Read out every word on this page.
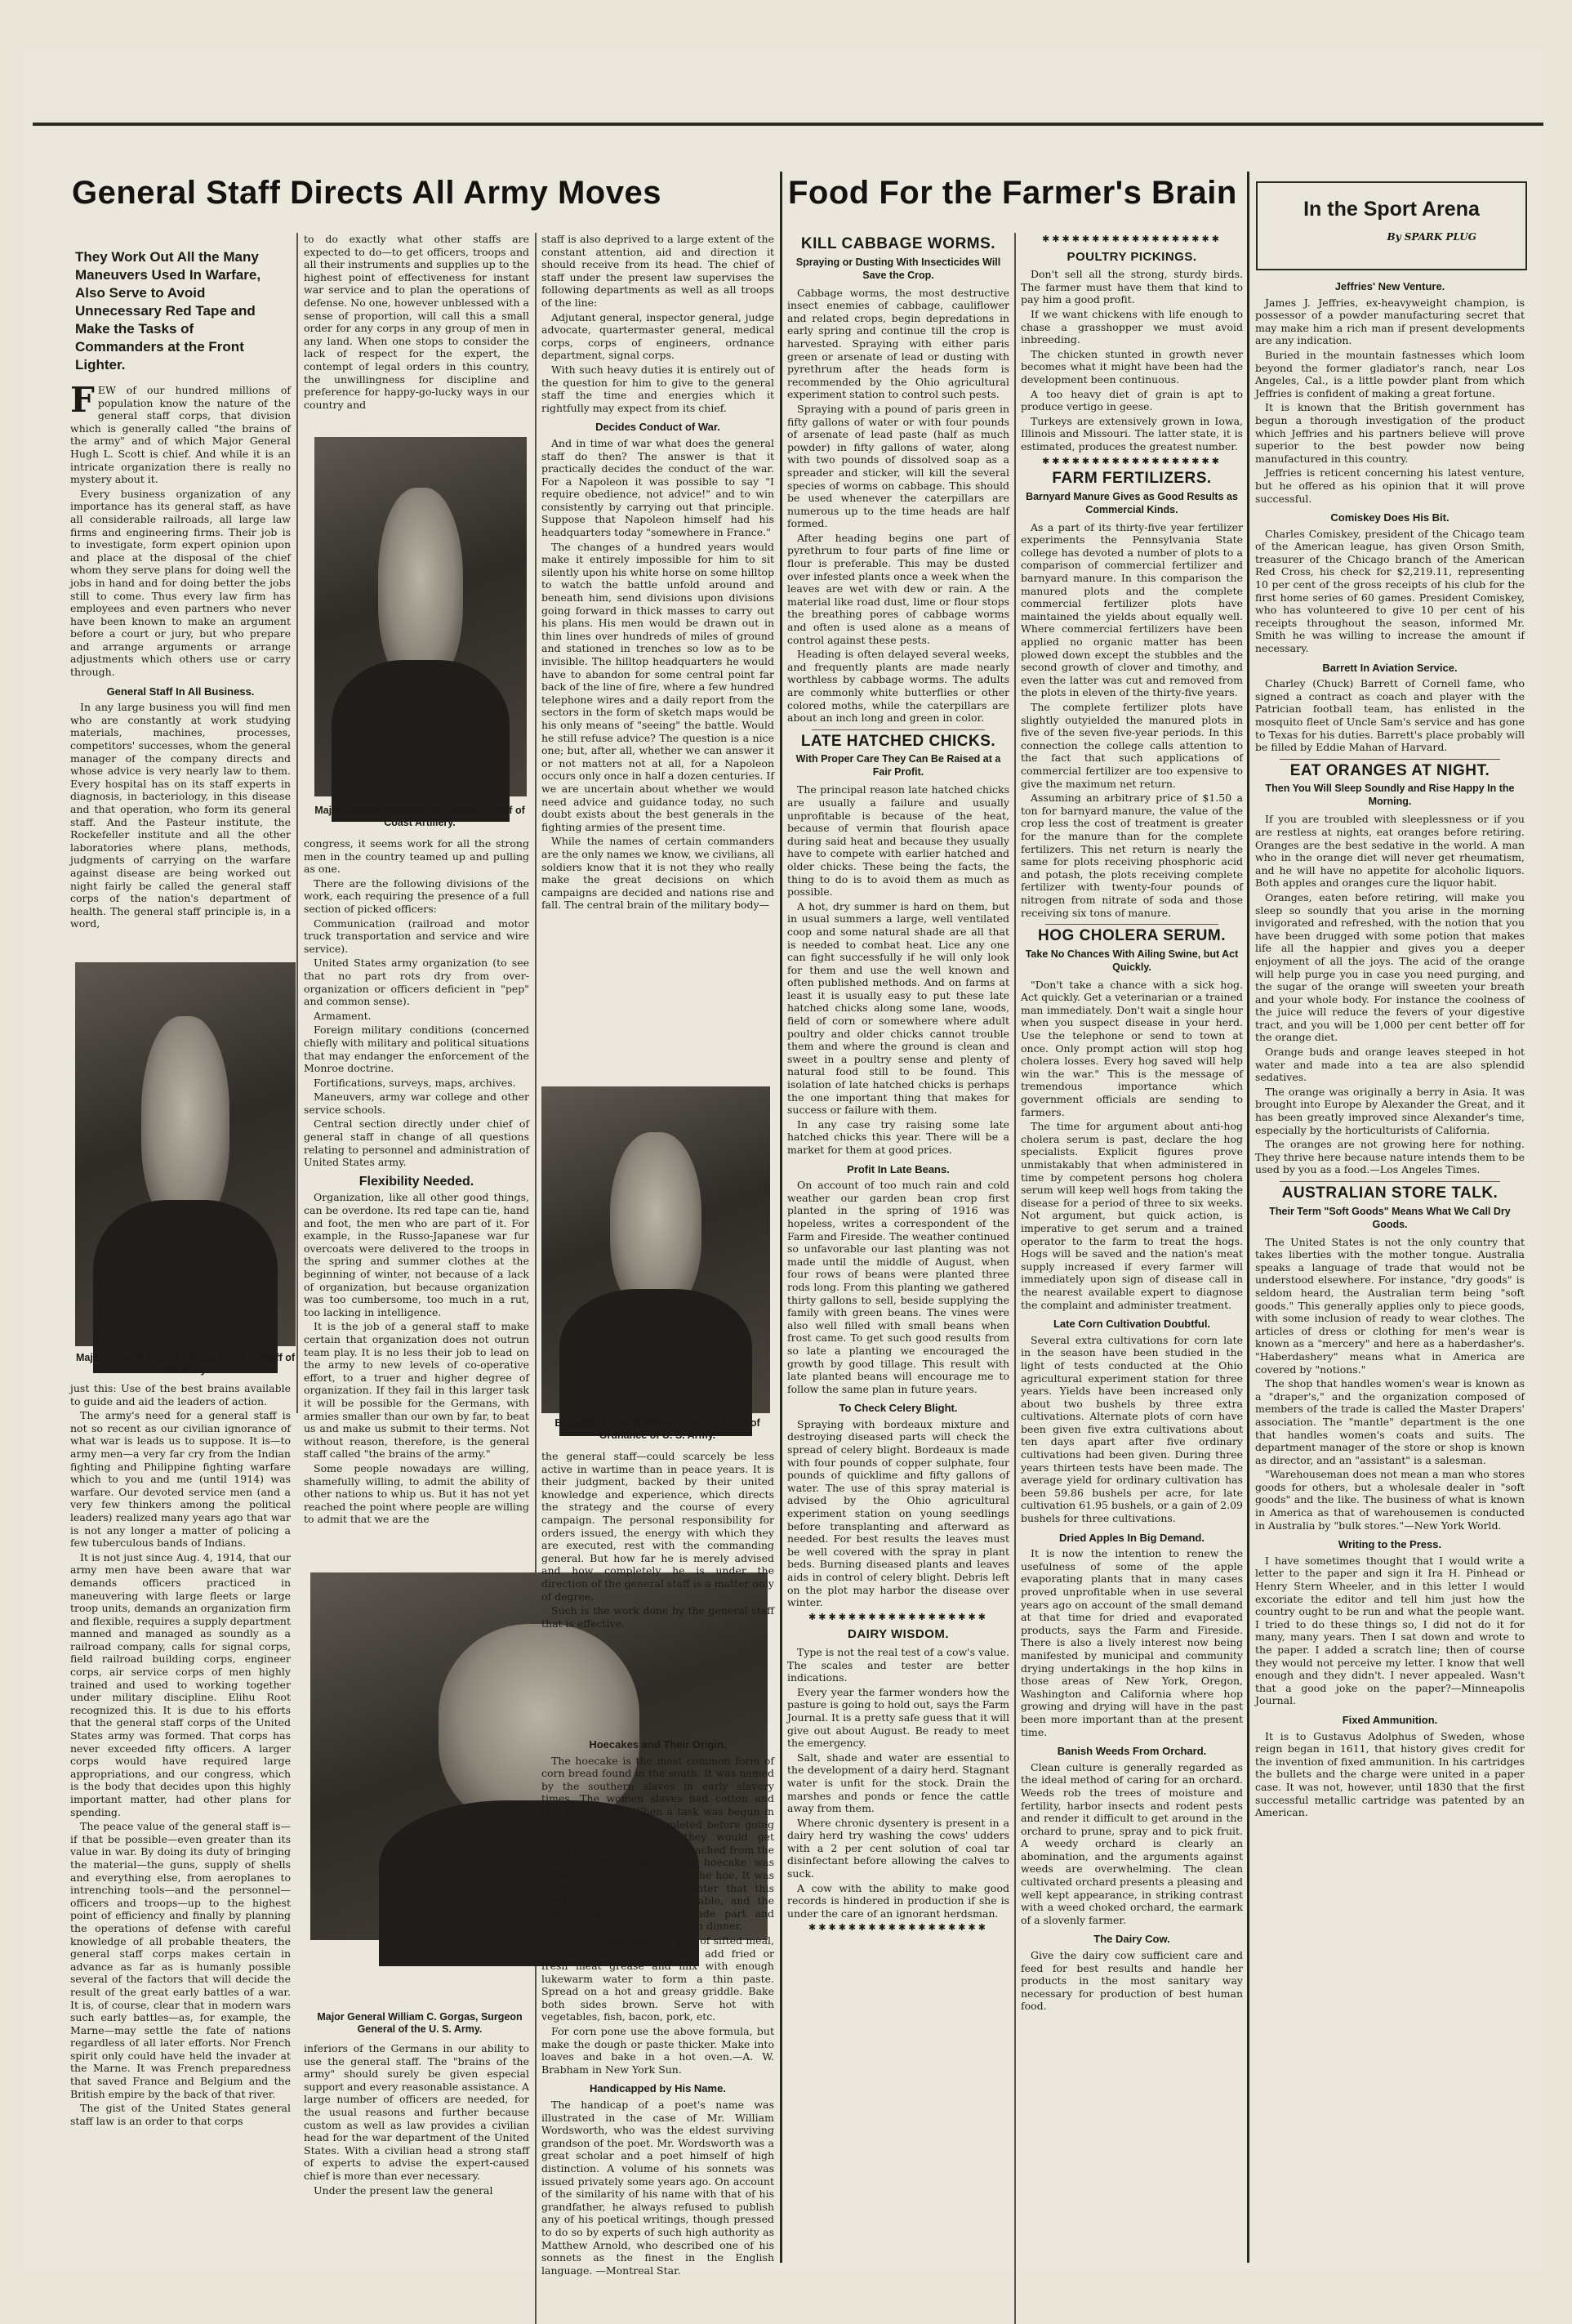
General Staff Directs All Army Moves	Food For the Farmer's Brain	In the Sport Arena
By SPARK PLUG
They Work Out All the Many Maneuvers Used In Warfare, Also Serve to Avoid Unnecessary Red Tape and Make the Tasks of Commanders at the Front Lighter.

FEW of our hundred millions of population know the nature of the general staff corps, that division which is generally called "the brains of the army" and of which Major General Hugh L. Scott is chief. And while it is an intricate organization there is really no mystery about it.

Every business organization of any importance has its general staff, as have all considerable railroads, all large law firms and engineering firms. Their job is to investigate, form expert opinion upon and place at the disposal of the chief whom they serve plans for doing well the jobs in hand and for doing better the jobs still to come. Thus every law firm has employees and even partners who never have been known to make an argument before a court or jury, but who prepare and arrange arguments or arrange adjustments which others use or carry through.

General Staff In All Business.

In any large business you will find men who are constantly at work studying materials, machines, processes, competitors' successes, whom the general manager of the company directs and whose advice is very nearly law to them. Every hospital has on its staff experts in diagnosis, in bacteriology, in this disease and that operation, who form its general staff. And the Pasteur institute, the Rockefeller institute and all the other laboratories where plans, methods, judgments of carrying on the warfare against disease are being worked out night fairly be called the general staff corps of the nation's department of health. The general staff principle is, in a word,

Major General Hugh L. Scott, Chief of Staff of the Army.

just this: Use of the best brains available to guide and aid the leaders of action.

The army's need for a general staff is not so recent as our civilian ignorance of what war is leads us to suppose. It is—to army men—a very far cry from the Indian fighting and Philippine fighting warfare which to you and me (until 1914) was warfare. Our devoted service men (and a very few thinkers among the political leaders) realized many years ago that war is not any longer a matter of policing a few tuberculous bands of Indians.

It is not just since Aug. 4, 1914, that our army men have been aware that war demands officers practiced in maneuvering with large fleets or large troop units, demands an organization firm and flexible, requires a supply department manned and managed as soundly as a railroad company, calls for signal corps, field railroad building corps, engineer corps, air service corps of men highly trained and used to working together under military discipline. Elihu Root recognized this. It is due to his efforts that the general staff corps of the United States army was formed. That corps has never exceeded fifty officers. A larger corps would have required large appropriations, and our congress, which is the body that decides upon this highly important matter, had other plans for spending.

The peace value of the general staff is—if that be possible—even greater than its value in war. By doing its duty of bringing the material—the guns, supply of shells and everything else, from aeroplanes to intrenching tools—and the personnel—officers and troops—up to the highest point of efficiency and finally by planning the operations of defense with careful knowledge of all probable theaters, the general staff corps makes certain in advance as far as is humanly possible several of the factors that will decide the result of the great early battles of a war. It is, of course, clear that in modern wars such early battles—as, for example, the Marne—may settle the fate of nations regardless of all later efforts. Nor French spirit only could have held the invader at the Marne. It was French preparedness that saved France and Belgium and the British empire by the back of that river.

The gist of the United States general staff law is an order to that corps

to do exactly what other staffs are expected to do—to get officers, troops and all their instruments and supplies up to the highest point of effectiveness for instant war service and to plan the operations of defense. No one, however unblessed with a sense of proportion, will call this a small order for any corps in any group of men in any land. When one stops to consider the lack of respect for the expert, the contempt of legal orders in this country, the unwillingness for discipline and preference for happy-go-lucky ways in our country and

Major General Erasmus M. Weaver, Chief of Coast Artillery.

congress, it seems work for all the strong men in the country teamed up and pulling as one.

There are the following divisions of the work, each requiring the presence of a full section of picked officers:

Communication (railroad and motor truck transportation and service and wire service).

United States army organization (to see that no part rots dry from over-organization or officers deficient in "pep" and common sense).

Armament.

Foreign military conditions (concerned chiefly with military and political situations that may endanger the enforcement of the Monroe doctrine.

Fortifications, surveys, maps, archives.

Maneuvers, army war college and other service schools.

Central section directly under chief of general staff in change of all questions relating to personnel and administration of United States army.

Flexibility Needed.

Organization, like all other good things, can be overdone. Its red tape can tie, hand and foot, the men who are part of it. For example, in the Russo-Japanese war fur overcoats were delivered to the troops in the spring and summer clothes at the beginning of winter, not because of a lack of organization, but because organization was too cumbersome, too much in a rut, too lacking in intelligence.

It is the job of a general staff to make certain that organization does not outrun team play. It is no less their job to lead on the army to new levels of co-operative effort, to a truer and higher degree of organization. If they fail in this larger task it will be possible for the Germans, with armies smaller than our own by far, to beat us and make us submit to their terms. Not without reason, therefore, is the general staff called "the brains of the army."

Some people nowadays are willing, shamefully willing, to admit the ability of other nations to whip us. But it has not yet reached the point where people are willing to admit that we are the

Major General William C. Gorgas, Surgeon General of the U. S. Army.

inferiors of the Germans in our ability to use the general staff. The "brains of the army" should surely be given especial support and every reasonable assistance. A large number of officers are needed, for the usual reasons and further because custom as well as law provides a civilian head for the war department of the United States. With a civilian head a strong staff of experts to advise the expert-caused chief is more than ever necessary.

Under the present law the general

staff is also deprived to a large extent of the constant attention, aid and direction it should receive from its head. The chief of staff under the present law supervises the following departments as well as all troops of the line:

Adjutant general, inspector general, judge advocate, quartermaster general, medical corps, corps of engineers, ordnance department, signal corps.

With such heavy duties it is entirely out of the question for him to give to the general staff the time and energies which it rightfully may expect from its chief.

Decides Conduct of War.

And in time of war what does the general staff do then? The answer is that it practically decides the conduct of the war. For a Napoleon it was possible to say "I require obedience, not advice!" and to win consistently by carrying out that principle. Suppose that Napoleon himself had his headquarters today "somewhere in France."

The changes of a hundred years would make it entirely impossible for him to sit silently upon his white horse on some hilltop to watch the battle unfold around and beneath him, send divisions upon divisions going forward in thick masses to carry out his plans. His men would be drawn out in thin lines over hundreds of miles of ground and stationed in trenches so low as to be invisible. The hilltop headquarters he would have to abandon for some central point far back of the line of fire, where a few hundred telephone wires and a daily report from the sectors in the form of sketch maps would be his only means of "seeing" the battle. Would he still refuse advice? The question is a nice one; but, after all, whether we can answer it or not matters not at all, for a Napoleon occurs only once in half a dozen centuries. If we are uncertain about whether we would need advice and guidance today, no such doubt exists about the best generals in the fighting armies of the present time.

While the names of certain commanders are the only names we know, we civilians, all soldiers know that it is not they who really make the great decisions on which campaigns are decided and nations rise and fall. The central brain of the military body—

Brigadier General William Crozier, Chief of Ordnance of U. S. Army.

the general staff—could scarcely be less active in wartime than in peace years. It is their judgment, backed by their united knowledge and experience, which directs the strategy and the course of every campaign. The personal responsibility for orders issued, the energy with which they are executed, rest with the commanding general. But how far he is merely advised and how completely he is under the direction of the general staff is a matter only of degree.

Such is the work done by the general staff that is effective.

Hoecakes and Their Origin.

The hoecake is the most common form of corn bread found in the south. It was named by the southern slaves in early slavery times. The women slaves had cotton and rice by the task. When a task was begun in the morning it was completed before going back home. Sometimes they would get hungry; then the hoe was detached from the helve, a fire started and a hoecake was cooked then and there upon the hoe. It was thus discovered by the planter that this meal cooked this was palatable, and the hoecake was henceforth made part and parcel of a complete plantation dinner.

For a hoecake take one pint of sifted meal, one-half teaspoonful of salt; add fried or fresh meat grease and mix with enough lukewarm water to form a thin paste. Spread on a hot and greasy griddle. Bake both sides brown. Serve hot with vegetables, fish, bacon, pork, etc.

For corn pone use the above formula, but make the dough or paste thicker. Make into loaves and bake in a hot oven.—A. W. Brabham in New York Sun.

Handicapped by His Name.

The handicap of a poet's name was illustrated in the case of Mr. William Wordsworth, who was the eldest surviving grandson of the poet. Mr. Wordsworth was a great scholar and a poet himself of high distinction. A volume of his sonnets was issued privately some years ago. On account of the similarity of his name with that of his grandfather, he always refused to publish any of his poetical writings, though pressed to do so by experts of such high authority as Matthew Arnold, who described one of his sonnets as the finest in the English language. —Montreal Star.

KILL CABBAGE WORMS.
Spraying or Dusting With Insecticides Will Save the Crop.

Cabbage worms, the most destructive insect enemies of cabbage, cauliflower and related crops, begin depredations in early spring and continue till the crop is harvested. Spraying with either paris green or arsenate of lead or dusting with pyrethrum after the heads form is recommended by the Ohio agricultural experiment station to control such pests.

Spraying with a pound of paris green in fifty gallons of water or with four pounds of arsenate of lead paste (half as much powder) in fifty gallons of water, along with two pounds of dissolved soap as a spreader and sticker, will kill the several species of worms on cabbage. This should be used whenever the caterpillars are numerous up to the time heads are half formed.

After heading begins one part of pyrethrum to four parts of fine lime or flour is preferable. This may be dusted over infested plants once a week when the leaves are wet with dew or rain. A the material like road dust, lime or flour stops the breathing pores of cabbage worms and often is used alone as a means of control against these pests.

Heading is often delayed several weeks, and frequently plants are made nearly worthless by cabbage worms. The adults are commonly white butterflies or other colored moths, while the caterpillars are about an inch long and green in color.

LATE HATCHED CHICKS.
With Proper Care They Can Be Raised at a Fair Profit.

The principal reason late hatched chicks are usually a failure and usually unprofitable is because of the heat, because of vermin that flourish apace during said heat and because they usually have to compete with earlier hatched and older chicks. These being the facts, the thing to do is to avoid them as much as possible.

A hot, dry summer is hard on them, but in usual summers a large, well ventilated coop and some natural shade are all that is needed to combat heat. Lice any one can fight successfully if he will only look for them and use the well known and often published methods. And on farms at least it is usually easy to put these late hatched chicks along some lane, woods, field of corn or somewhere where adult poultry and older chicks cannot trouble them and where the ground is clean and sweet in a poultry sense and plenty of natural food still to be found. This isolation of late hatched chicks is perhaps the one important thing that makes for success or failure with them.

In any case try raising some late hatched chicks this year. There will be a market for them at good prices.

Profit In Late Beans.

On account of too much rain and cold weather our garden bean crop first planted in the spring of 1916 was hopeless, writes a correspondent of the Farm and Fireside. The weather continued so unfavorable our last planting was not made until the middle of August, when four rows of beans were planted three rods long. From this planting we gathered thirty gallons to sell, beside supplying the family with green beans. The vines were also well filled with small beans when frost came. To get such good results from so late a planting we encouraged the growth by good tillage. This result with late planted beans will encourage me to follow the same plan in future years.

To Check Celery Blight.

Spraying with bordeaux mixture and destroying diseased parts will check the spread of celery blight. Bordeaux is made with four pounds of copper sulphate, four pounds of quicklime and fifty gallons of water. The use of this spray material is advised by the Ohio agricultural experiment station on young seedlings before transplanting and afterward as needed. For best results the leaves must be well covered with the spray in plant beds. Burning diseased plants and leaves aids in control of celery blight. Debris left on the plot may harbor the disease over winter.

✱✱✱✱✱✱✱✱✱✱✱✱✱✱✱✱✱✱
DAIRY WISDOM.

Type is not the real test of a cow's value. The scales and tester are better indications.

Every year the farmer wonders how the pasture is going to hold out, says the Farm Journal. It is a pretty safe guess that it will give out about August. Be ready to meet the emergency.

Salt, shade and water are essential to the development of a dairy herd. Stagnant water is unfit for the stock. Drain the marshes and ponds or fence the cattle away from them.

Where chronic dysentery is present in a dairy herd try washing the cows' udders with a 2 per cent solution of coal tar disinfectant before allowing the calves to suck.

A cow with the ability to make good records is hindered in production if she is under the care of an ignorant herdsman.

✱✱✱✱✱✱✱✱✱✱✱✱✱✱✱✱✱✱
✱✱✱✱✱✱✱✱✱✱✱✱✱✱✱✱✱✱
POULTRY PICKINGS.

Don't sell all the strong, sturdy birds. The farmer must have them that kind to pay him a good profit.

If we want chickens with life enough to chase a grasshopper we must avoid inbreeding.

The chicken stunted in growth never becomes what it might have been had the development been continuous.

A too heavy diet of grain is apt to produce vertigo in geese.

Turkeys are extensively grown in Iowa, Illinois and Missouri. The latter state, it is estimated, produces the greatest number.

✱✱✱✱✱✱✱✱✱✱✱✱✱✱✱✱✱✱
FARM FERTILIZERS.
Barnyard Manure Gives as Good Results as Commercial Kinds.

As a part of its thirty-five year fertilizer experiments the Pennsylvania State college has devoted a number of plots to a comparison of commercial fertilizer and barnyard manure. In this comparison the manured plots and the complete commercial fertilizer plots have maintained the yields about equally well. Where commercial fertilizers have been applied no organic matter has been plowed down except the stubbles and the second growth of clover and timothy, and even the latter was cut and removed from the plots in eleven of the thirty-five years.

The complete fertilizer plots have slightly outyielded the manured plots in five of the seven five-year periods. In this connection the college calls attention to the fact that such applications of commercial fertilizer are too expensive to give the maximum net return.

Assuming an arbitrary price of $1.50 a ton for barnyard manure, the value of the crop less the cost of treatment is greater for the manure than for the complete fertilizers. This net return is nearly the same for plots receiving phosphoric acid and potash, the plots receiving complete fertilizer with twenty-four pounds of nitrogen from nitrate of soda and those receiving six tons of manure.

HOG CHOLERA SERUM.
Take No Chances With Ailing Swine, but Act Quickly.

"Don't take a chance with a sick hog. Act quickly. Get a veterinarian or a trained man immediately. Don't wait a single hour when you suspect disease in your herd. Use the telephone or send to town at once. Only prompt action will stop hog cholera losses. Every hog saved will help win the war." This is the message of tremendous importance which government officials are sending to farmers.

The time for argument about anti-hog cholera serum is past, declare the hog specialists. Explicit figures prove unmistakably that when administered in time by competent persons hog cholera serum will keep well hogs from taking the disease for a period of three to six weeks. Not argument, but quick action, is imperative to get serum and a trained operator to the farm to treat the hogs. Hogs will be saved and the nation's meat supply increased if every farmer will immediately upon sign of disease call in the nearest available expert to diagnose the complaint and administer treatment.

Late Corn Cultivation Doubtful.

Several extra cultivations for corn late in the season have been studied in the light of tests conducted at the Ohio agricultural experiment station for three years. Yields have been increased only about two bushels by three extra cultivations. Alternate plots of corn have been given five extra cultivations about ten days apart after five ordinary cultivations had been given. During three years thirteen tests have been made. The average yield for ordinary cultivation has been 59.86 bushels per acre, for late cultivation 61.95 bushels, or a gain of 2.09 bushels for three cultivations.

Dried Apples In Big Demand.

It is now the intention to renew the usefulness of some of the apple evaporating plants that in many cases proved unprofitable when in use several years ago on account of the small demand at that time for dried and evaporated products, says the Farm and Fireside. There is also a lively interest now being manifested by municipal and community drying undertakings in the hop kilns in those areas of New York, Oregon, Washington and California where hop growing and drying will have in the past been more important than at the present time.

Banish Weeds From Orchard.

Clean culture is generally regarded as the ideal method of caring for an orchard. Weeds rob the trees of moisture and fertility, harbor insects and rodent pests and render it difficult to get around in the orchard to prune, spray and to pick fruit. A weedy orchard is clearly an abomination, and the arguments against weeds are overwhelming. The clean cultivated orchard presents a pleasing and well kept appearance, in striking contrast with a weed choked orchard, the earmark of a slovenly farmer.

The Dairy Cow.

Give the dairy cow sufficient care and feed for best results and handle her products in the most sanitary way necessary for production of best human food.

Jeffries' New Venture.

James J. Jeffries, ex-heavyweight champion, is possessor of a powder manufacturing secret that may make him a rich man if present developments are any indication.

Buried in the mountain fastnesses which loom beyond the former gladiator's ranch, near Los Angeles, Cal., is a little powder plant from which Jeffries is confident of making a great fortune.

It is known that the British government has begun a thorough investigation of the product which Jeffries and his partners believe will prove superior to the best powder now being manufactured in this country.

Jeffries is reticent concerning his latest venture, but he offered as his opinion that it will prove successful.

Comiskey Does His Bit.

Charles Comiskey, president of the Chicago team of the American league, has given Orson Smith, treasurer of the Chicago branch of the American Red Cross, his check for $2,219.11, representing 10 per cent of the gross receipts of his club for the first home series of 60 games. President Comiskey, who has volunteered to give 10 per cent of his receipts throughout the season, informed Mr. Smith he was willing to increase the amount if necessary.

Barrett In Aviation Service.

Charley (Chuck) Barrett of Cornell fame, who signed a contract as coach and player with the Patrician football team, has enlisted in the mosquito fleet of Uncle Sam's service and has gone to Texas for his duties. Barrett's place probably will be filled by Eddie Mahan of Harvard.

EAT ORANGES AT NIGHT.
Then You Will Sleep Soundly and Rise Happy In the Morning.

If you are troubled with sleeplessness or if you are restless at nights, eat oranges before retiring. Oranges are the best sedative in the world. A man who in the orange diet will never get rheumatism, and he will have no appetite for alcoholic liquors. Both apples and oranges cure the liquor habit.

Oranges, eaten before retiring, will make you sleep so soundly that you arise in the morning invigorated and refreshed, with the notion that you have been drugged with some potion that makes life all the happier and gives you a deeper enjoyment of all the joys. The acid of the orange will help purge you in case you need purging, and the sugar of the orange will sweeten your breath and your whole body. For instance the coolness of the juice will reduce the fevers of your digestive tract, and you will be 1,000 per cent better off for the orange diet.

Orange buds and orange leaves steeped in hot water and made into a tea are also splendid sedatives.

The orange was originally a berry in Asia. It was brought into Europe by Alexander the Great, and it has been greatly improved since Alexander's time, especially by the horticulturists of California.

The oranges are not growing here for nothing. They thrive here because nature intends them to be used by you as a food.—Los Angeles Times.

AUSTRALIAN STORE TALK.
Their Term "Soft Goods" Means What We Call Dry Goods.

The United States is not the only country that takes liberties with the mother tongue. Australia speaks a language of trade that would not be understood elsewhere. For instance, "dry goods" is seldom heard, the Australian term being "soft goods." This generally applies only to piece goods, with some inclusion of ready to wear clothes. The articles of dress or clothing for men's wear is known as a "mercery" and here as a haberdasher's. "Haberdashery" means what in America are covered by "notions."

The shop that handles women's wear is known as a "draper's," and the organization composed of members of the trade is called the Master Drapers' association. The "mantle" department is the one that handles women's coats and suits. The department manager of the store or shop is known as director, and an "assistant" is a salesman.

"Warehouseman does not mean a man who stores goods for others, but a wholesale dealer in "soft goods" and the like. The business of what is known in America as that of warehousemen is conducted in Australia by "bulk stores."—New York World.

Writing to the Press.

I have sometimes thought that I would write a letter to the paper and sign it Ira H. Pinhead or Henry Stern Wheeler, and in this letter I would excoriate the editor and tell him just how the country ought to be run and what the people want. I tried to do these things so, I did not do it for many, many years. Then I sat down and wrote to the paper. I added a scratch line; then of course they would not perceive my letter. I know that well enough and they didn't. I never appealed. Wasn't that a good joke on the paper?—Minneapolis Journal.

Fixed Ammunition.

It is to Gustavus Adolphus of Sweden, whose reign began in 1611, that history gives credit for the invention of fixed ammunition. In his cartridges the bullets and the charge were united in a paper case. It was not, however, until 1830 that the first successful metallic cartridge was patented by an American.
